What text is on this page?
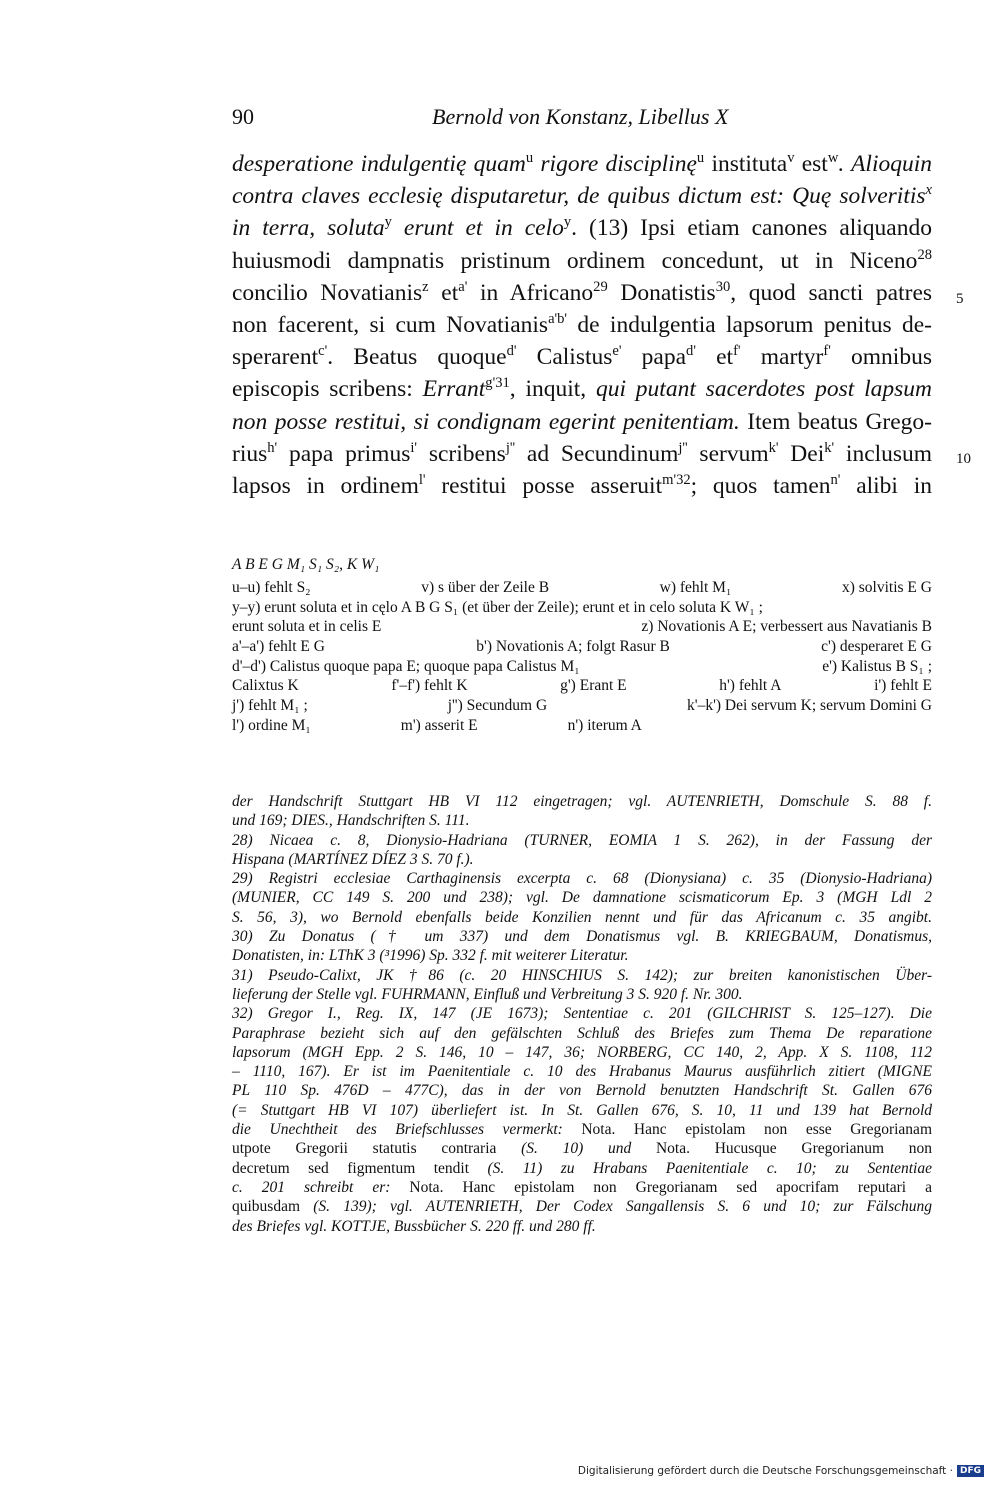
90	Bernold von Konstanz, Libellus X
desperatione indulgentię quam$^u$ rigore disciplinę$^u$ instituta$^v$ est$^w$. Alioquin
contra claves ecclesię disputaretur, de quibus dictum est: Quę solveritis$^x$
in terra, soluta$^y$ erunt et in celo$^y$. (13) Ipsi etiam canones aliquando
huiusmodi dampnatis pristinum ordinem concedunt, ut in Niceno$^{28}$
concilio Novatianis$^z$ $et^{a'}$ in Africano$^{29}$ Donatistis$^{30}$, quod sancti patres
non facerent, si cum Novatianis$^{a'b'}$ de indulgentia lapsorum penitus de-
sperarent$^{c'}$. Beatus quoque$^{d'}$ Calistus$^{e'}$ papa$^{d'}$ $et^{f'}$ martyr$^{f'}$ omnibus
episcopis scribens: Errant$^{g'31}$, inquit, qui putant sacerdotes post lapsum
non posse restitui, si condignam egerint penitentiam. Item beatus Grego-
rius$^{h'}$ papa primus$^{i'}$ scribens$^{j''}$ ad Secundinum$^{j''}$ servum$^{k'}$ Dei$^{k'}$ inclusum
lapsos in ordinem$^{l'}$ restitui posse asseruit$^{m'32}$; quos tamen$^{n'}$ alibi in
5
10
A B E G M₁ S₁ S₂, K W₁
u–u) fehlt S₂	v) s über der Zeile B	w) fehlt M₁	x) solvitis E G
y–y) erunt soluta et in cęlo A B G S₁ (et über der Zeile); erunt et in celo soluta K W₁ ;
erunt soluta et in celis E	z) Novationis A E; verbessert aus Navatianis B
a'–a') fehlt E G	b') Novationis A; folgt Rasur B	c') desperaret E G
d'–d') Calistus quoque papa E; quoque papa Calistus M₁	e') Kalistus B S₁ ;
Calixtus K	f'–f') fehlt K	g') Erant E	h') fehlt A	i') fehlt E
j') fehlt M₁ ;	j'') Secundum G	k'–k') Dei servum K; servum Domini G
l') ordine M₁	m') asserit E	n') iterum A
der Handschrift Stuttgart HB VI 112 eingetragen; vgl. AUTENRIETH, Domschule S. 88 f.
und 169; DIES., Handschriften S. 111.
28) Nicaea c. 8, Dionysio-Hadriana (TURNER, EOMIA 1 S. 262), in der Fassung der
Hispana (MARTÍNEZ DÍEZ 3 S. 70 f.).
29) Registri ecclesiae Carthaginensis excerpta c. 68 (Dionysiana) c. 35 (Dionysio-Hadriana)
(MUNIER, CC 149 S. 200 und 238); vgl. De damnatione scismaticorum Ep. 3 (MGH Ldl 2
S. 56, 3), wo Bernold ebenfalls beide Konzilien nennt und für das Africanum c. 35 angibt.
30) Zu Donatus († um 337) und dem Donatismus vgl. B. KRIEGBAUM, Donatismus,
Donatisten, in: LThK 3 (³1996) Sp. 332 f. mit weiterer Literatur.
31) Pseudo-Calixt, JK †86 (c. 20 HINSCHIUS S. 142); zur breiten kanonistischen Über-
lieferung der Stelle vgl. FUHRMANN, Einfluß und Verbreitung 3 S. 920 f. Nr. 300.
32) Gregor I., Reg. IX, 147 (JE 1673); Sententiae c. 201 (GILCHRIST S. 125–127). Die
Paraphrase bezieht sich auf den gefälschten Schluß des Briefes zum Thema De reparatione
lapsorum (MGH Epp. 2 S. 146, 10 – 147, 36; NORBERG, CC 140, 2, App. X S. 1108, 112
– 1110, 167). Er ist im Paenitentiale c. 10 des Hrabanus Maurus ausführlich zitiert (MIGNE
PL 110 Sp. 476D – 477C), das in der von Bernold benutzten Handschrift St. Gallen 676
(= Stuttgart HB VI 107) überliefert ist. In St. Gallen 676, S. 10, 11 und 139 hat Bernold
die Unechtheit des Briefschlusses vermerkt: Nota. Hanc epistolam non esse Gregorianam
utpote Gregorii statutis contraria (S. 10) und Nota. Hucusque Gregorianum non
decretum sed figmentum tendit (S. 11) zu Hrabans Paenitentiale c. 10; zu Sententiae
c. 201 schreibt er: Nota. Hanc epistolam non Gregorianam sed apocrifam reputari a
quibusdam (S. 139); vgl. AUTENRIETH, Der Codex Sangallensis S. 6 und 10; zur Fälschung
des Briefes vgl. KOTTJE, Bussbücher S. 220 ff. und 280 ff.
Digitalisierung gefördert durch die Deutsche Forschungsgemeinschaft · DFG
